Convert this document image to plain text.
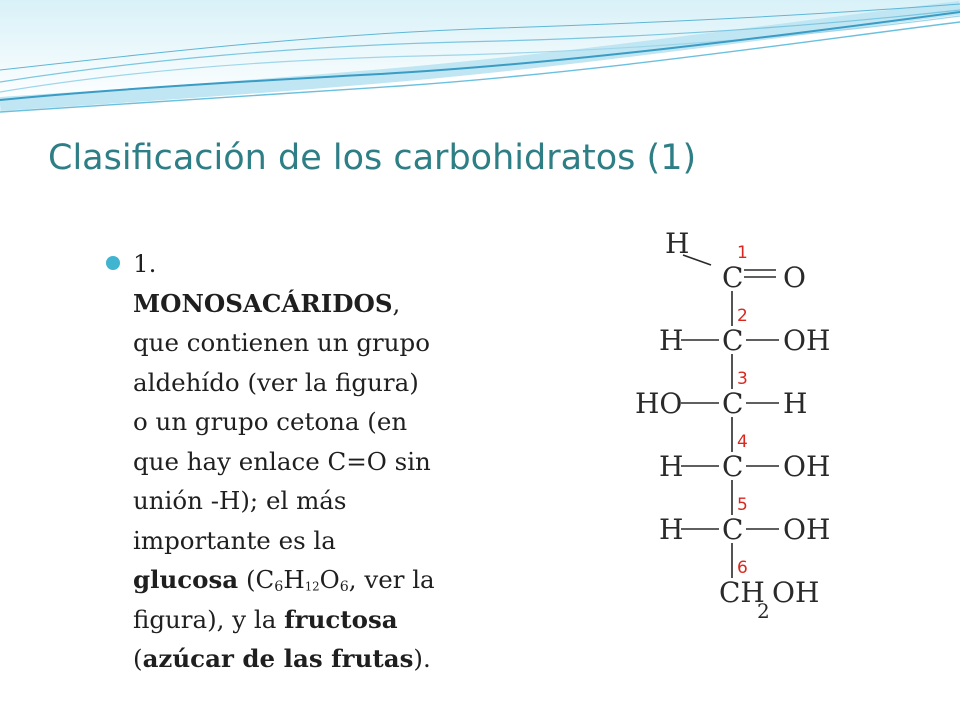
Clasificación de los carbohidratos (1)

1.
MONOSACÁRIDOS,
que contienen un grupo
aldehído (ver la figura)
o un grupo cetona (en
que hay enlace C=O sin
unión -H); el más
importante es la
glucosa ($C_6H_{12}O_6$, ver la
figura), y la fructosa
(azúcar de las frutas).

H
C O
H C OH
HO C H
H C OH
H C OH
CH
2
OH
1
2
3
4
5
6
